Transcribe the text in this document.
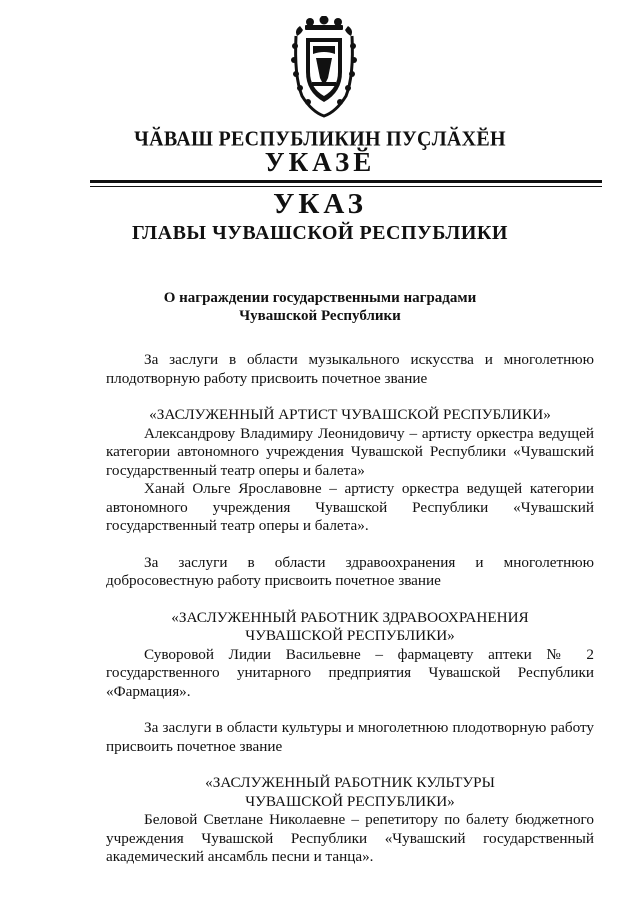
ЧӐВАШ РЕСПУБЛИКИН ПУҪЛӐХӖН
УКАЗӖ
УКАЗ
ГЛАВЫ ЧУВАШСКОЙ РЕСПУБЛИКИ
О награждении государственными наградами
Чувашской Республики

За заслуги в области музыкального искусства и многолетнюю плодотворную работу присвоить почетное звание

«ЗАСЛУЖЕННЫЙ АРТИСТ ЧУВАШСКОЙ РЕСПУБЛИКИ»

Александрову Владимиру Леонидовичу – артисту оркестра ведущей категории автономного учреждения Чувашской Республики «Чувашский государственный театр оперы и балета»

Ханай Ольге Ярославовне – артисту оркестра ведущей категории автономного учреждения Чувашской Республики «Чувашский государственный театр оперы и балета».

За заслуги в области здравоохранения и многолетнюю добросовестную работу присвоить почетное звание

«ЗАСЛУЖЕННЫЙ РАБОТНИК ЗДРАВООХРАНЕНИЯ

ЧУВАШСКОЙ РЕСПУБЛИКИ»

Суворовой Лидии Васильевне – фармацевту аптеки № 2 государственного унитарного предприятия Чувашской Республики «Фармация».

За заслуги в области культуры и многолетнюю плодотворную работу присвоить почетное звание

«ЗАСЛУЖЕННЫЙ РАБОТНИК КУЛЬТУРЫ

ЧУВАШСКОЙ РЕСПУБЛИКИ»

Беловой Светлане Николаевне – репетитору по балету бюджетного учреждения Чувашской Республики «Чувашский государственный академический ансамбль песни и танца».
